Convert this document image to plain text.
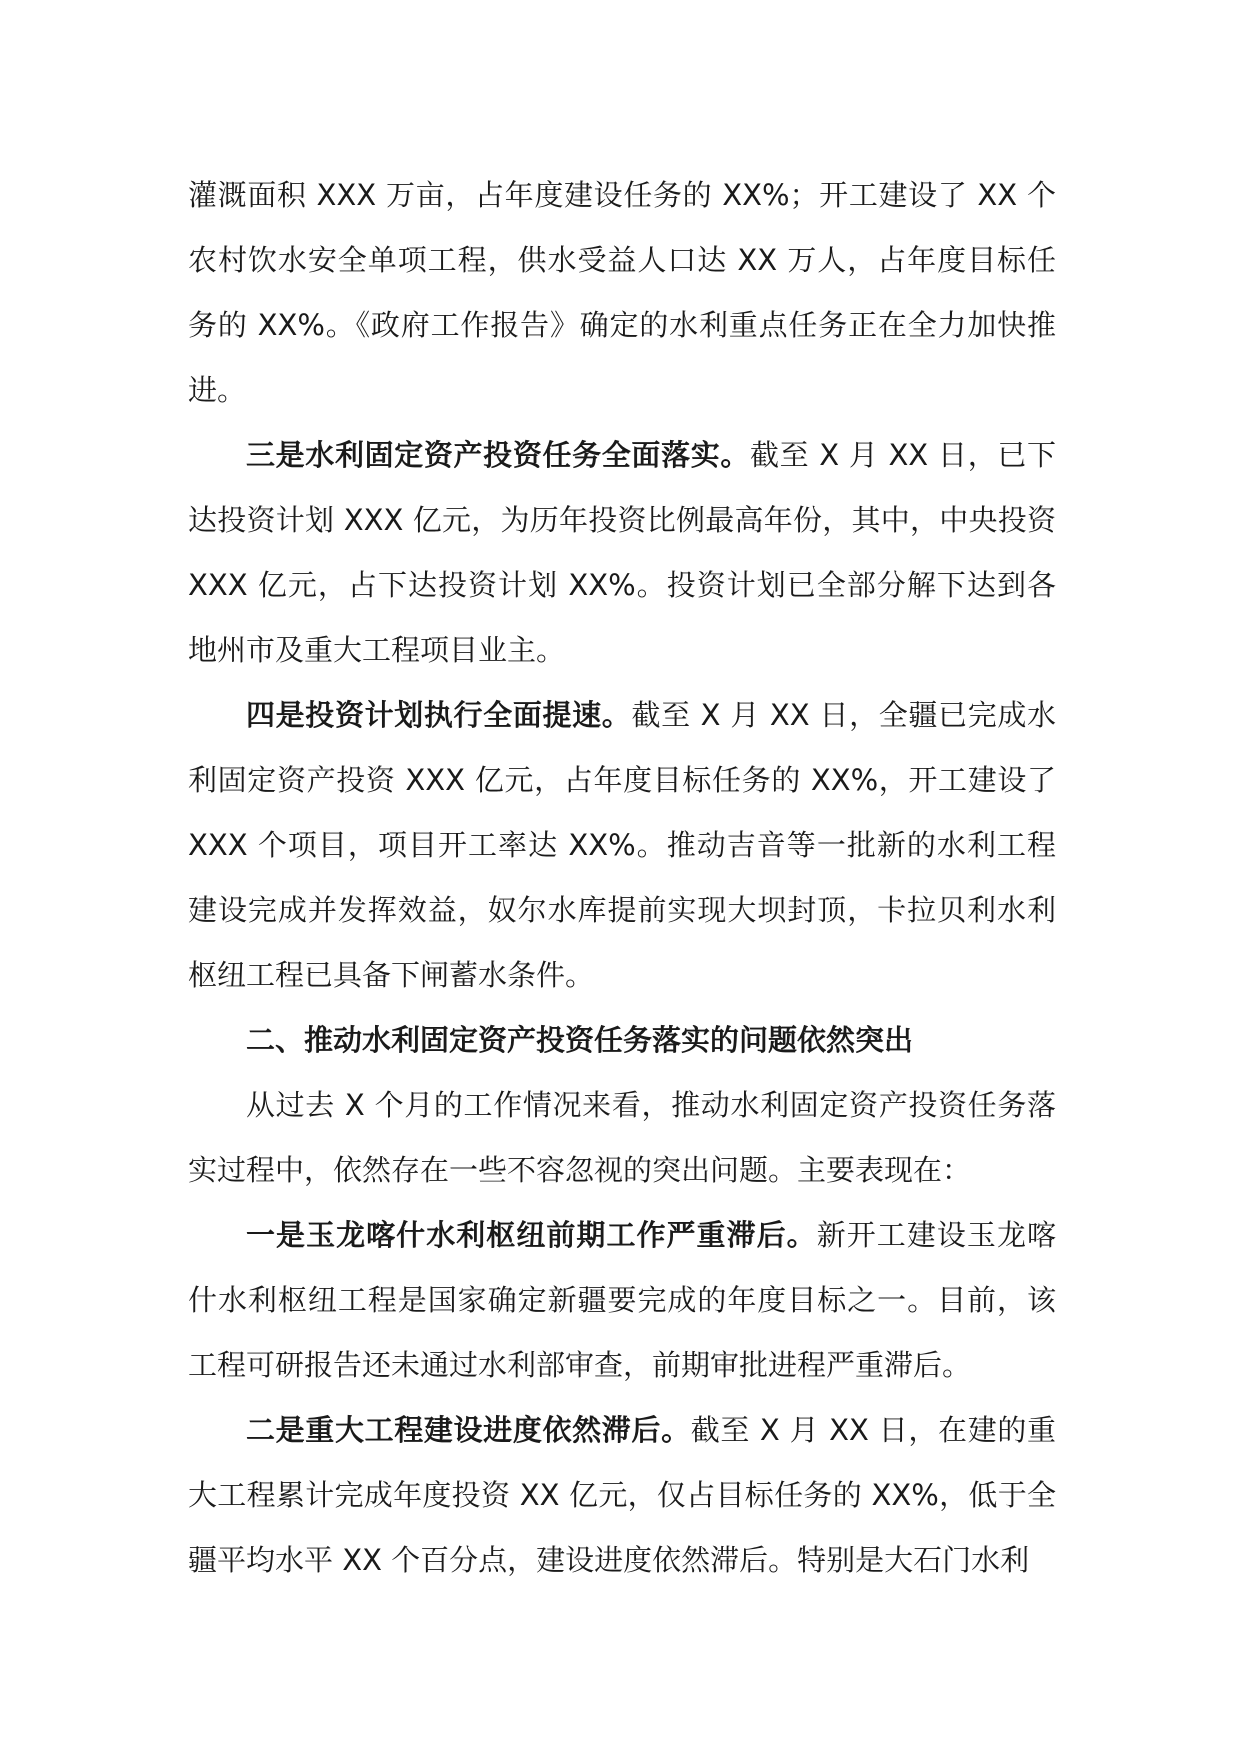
灌溉面积 XXX 万亩，占年度建设任务的 XX%；开工建设了 XX 个农村饮水安全单项工程，供水受益人口达 XX 万人，占年度目标任务的 XX%。《政府工作报告》确定的水利重点任务正在全力加快推进。

三是水利固定资产投资任务全面落实。截至 X 月 XX 日，已下达投资计划 XXX 亿元，为历年投资比例最高年份，其中，中央投资 XXX 亿元，占下达投资计划 XX%。投资计划已全部分解下达到各地州市及重大工程项目业主。

四是投资计划执行全面提速。截至 X 月 XX 日，全疆已完成水利固定资产投资 XXX 亿元，占年度目标任务的 XX%，开工建设了 XXX 个项目，项目开工率达 XX%。推动吉音等一批新的水利工程建设完成并发挥效益，奴尔水库提前实现大坝封顶，卡拉贝利水利枢纽工程已具备下闸蓄水条件。

二、推动水利固定资产投资任务落实的问题依然突出

从过去 X 个月的工作情况来看，推动水利固定资产投资任务落实过程中，依然存在一些不容忽视的突出问题。主要表现在：

一是玉龙喀什水利枢纽前期工作严重滞后。新开工建设玉龙喀什水利枢纽工程是国家确定新疆要完成的年度目标之一。目前，该工程可研报告还未通过水利部审查，前期审批进程严重滞后。

二是重大工程建设进度依然滞后。截至 X 月 XX 日，在建的重大工程累计完成年度投资 XX 亿元，仅占目标任务的 XX%，低于全疆平均水平 XX 个百分点，建设进度依然滞后。特别是大石门水利
